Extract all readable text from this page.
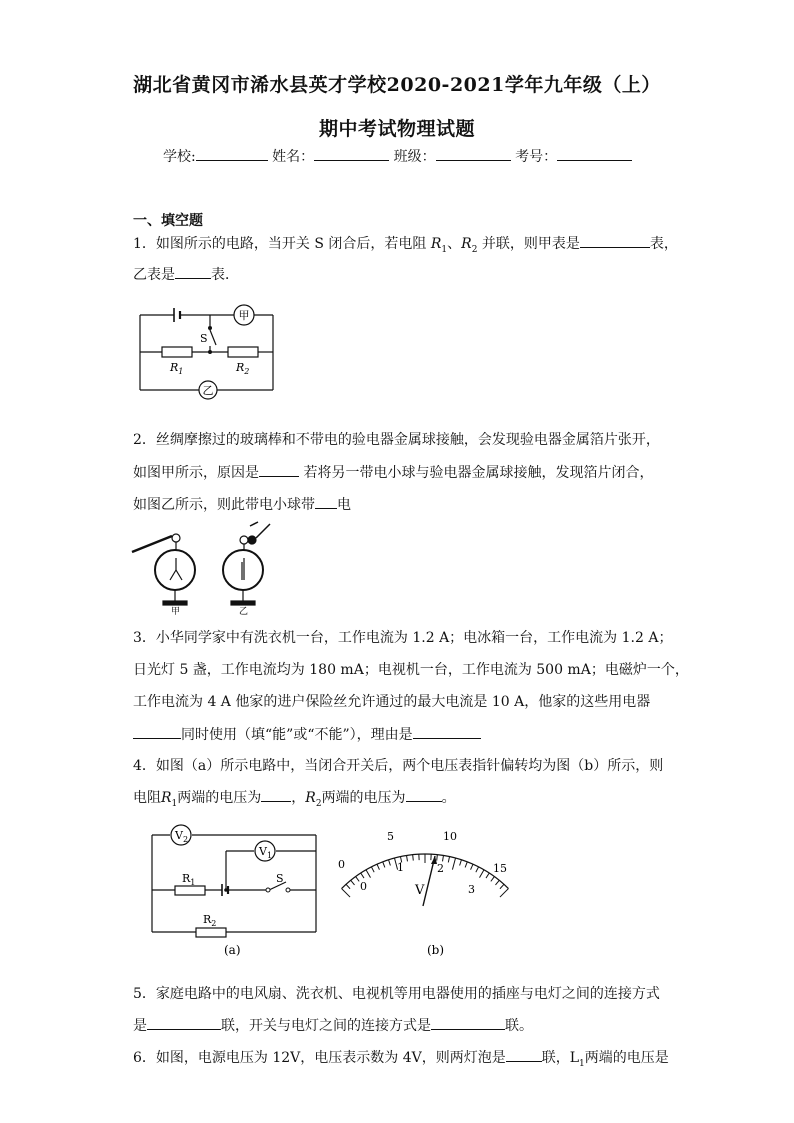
湖北省黄冈市浠水县英才学校2020-2021学年九年级（上）
期中考试物理试题
学校:	姓名：	班级：	考号：
一、填空题
1．如图所示的电路，当开关 S 闭合后，若电阻 $R_1$、$R_2$ 并联，则甲表是	表，
乙表是	表．
甲
乙
S
$R_1$	$R_2$
2．丝绸摩擦过的玻璃棒和不带电的验电器金属球接触，会发现验电器金属箔片张开，
如图甲所示，原因是	若将另一带电小球与验电器金属球接触，发现箔片闭合，
如图乙所示，则此带电小球带 电
甲	乙
3．小华同学家中有洗衣机一台，工作电流为 1.2 A；电冰箱一台，工作电流为 1.2 A；
日光灯 5 盏，工作电流均为 180 mA；电视机一台，工作电流为 500 mA；电磁炉一个，
工作电流为 4 A 他家的进户保险丝允许通过的最大电流是 10 A，他家的这些用电器
同时使用（填“能”或“不能”），理由是
4．如图（a）所示电路中，当闭合开关后，两个电压表指针偏转均为图（b）所示，则
电阻$R_1$两端的电压为 ，$R_2$两端的电压为	。
$V_2$
$V_1$
$R_1$	S
$R_2$
(a)
0
5	10
15
0
1	2
3
V
(b)
5．家庭电路中的电风扇、洗衣机、电视机等用电器使用的插座与电灯之间的连接方式
是	联，开关与电灯之间的连接方式是	联。
6．如图，电源电压为 12V，电压表示数为 4V，则两灯泡是	联，$L_1$两端的电压是
